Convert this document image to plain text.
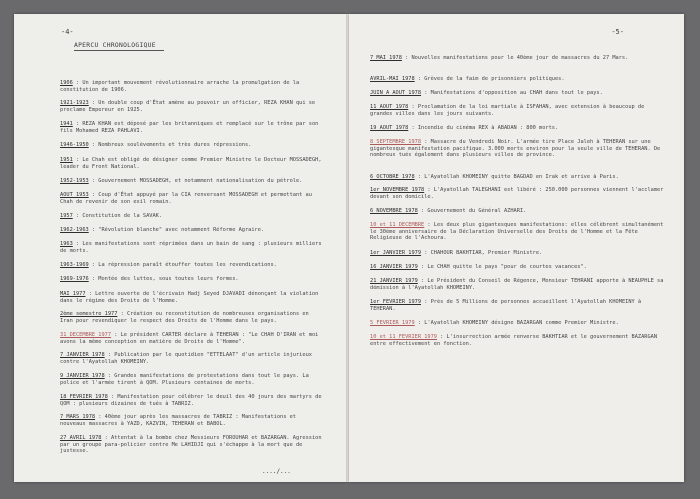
-4-
APERCU CHRONOLOGIQUE
1906 : Un important mouvement révolutionnaire arrache la promulgation de la constitution de 1906.
1921-1923 : Un double coup d'État amène au pouvoir un officier, REZA KHAN qui se proclame Empereur en 1925.
1941 : REZA KHAN est déposé par les britanniques et remplacé sur le trône par son fils Mohamed REZA PAHLAVI.
1946-1950 : Nombreux soulèvements et très dures répressions.
1951 : Le Chah est obligé de désigner comme Premier Ministre le Docteur MOSSADEGH, leader du Front National.
1952-1953 : Gouvernement MOSSADEGH, et notamment nationalisation du pétrole.
AOUT 1953 : Coup d'État appuyé par la CIA renversant MOSSADEGH et permettant au Chah de revenir de son exil romain.
1957 : Constitution de la SAVAK.
1962-1963 : "Révolution blanche" avec notamment Réforme Agraire.
1963 : Les manifestations sont réprimées dans un bain de sang : plusieurs milliers de morts.
1963-1969 : La répression paraît étouffer toutes les revendications.
1969-1976 : Montée des luttes, sous toutes leurs formes.
MAI 1977 : Lettre ouverte de l'écrivain Hadj Seyed DJAVADI dénonçant la violation dans le régime des Droits de l'Homme.
2ème semestre 1977 : Création ou reconstitution de nombreuses organisations en Iran pour revendiquer le respect des Droits de l'Homme dans le pays.
31 DECEMBRE 1977 : Le président CARTER déclare à TEHERAN : "Le CHAH D'IRAN et moi avons la même conception en matière de Droits de l'Homme".
7 JANVIER 1978 : Publication par le quotidien "ETTELAAT" d'un article injurieux contre l'Ayatollah KHOMEINY.
9 JANVIER 1978 : Grandes manifestations de protestations dans tout le pays. La police et l'armée tirent à QOM. Plusieurs centaines de morts.
18 FEVRIER 1978 : Manifestation pour célébrer le deuil des 40 jours des martyrs de QOM : plusieurs dizaines de tués à TABRIZ.
7 MARS 1978 : 40ème jour après les massacres de TABRIZ : Manifestations et nouveaux massacres à YAZD, KAZVIN, TEHERAN et BABOL.
27 AVRIL 1978 : Attentat à la bombe chez Messieurs FOROUHAR et BAZARGAN. Agression par un groupe para-policier contre Me LAHIDJI qui s'échappe à la mort que de justesse.
..../...
-5-
7 MAI 1978 : Nouvelles manifestations pour le 40ème jour de massacres du 27 Mars.
AVRIL-MAI 1978 : Grèves de la faim de prisonniers politiques.
JUIN A AOUT 1978 : Manifestations d'opposition au CHAH dans tout le pays.
11 AOUT 1978 : Proclamation de la loi martiale à ISFAHAN, avec extension à beaucoup de grandes villes dans les jours suivants.
19 AOUT 1978 : Incendie du cinéma REX à ABADAN : 800 morts.
8 SEPTEMBRE 1978 : Massacre du Vendredi Noir. L'armée tire Place Jaleh à TEHERAN sur une gigantesque manifestation pacifique. 3.000 morts environ pour la seule ville de TEHERAN. De nombreux tués également dans plusieurs villes de province.
6 OCTOBRE 1978 : L'Ayatollah KHOMEINY quitte BAGDAD en Irak et arrive à Paris.
1er NOVEMBRE 1978 : L'Ayatollah TALEGHANI est libéré : 250.000 personnes viennent l'acclamer devant son domicile.
6 NOVEMBRE 1978 : Gouvernement du Général AZHARI.
10 et 11 DECEMBRE : Les deux plus gigantesques manifestations: elles célèbrent simultanément le 30ème anniversaire de la Déclaration Universelle des Droits de l'Homme et la Fête Religieuse de l'Achoura.
1er JANVIER 1979 : CHAHOUR BAKHTIAR, Premier Ministre.
16 JANVIER 1979 : Le CHAH quitte le pays "pour de courtes vacances".
21 JANVIER 1979 : Le Président du Conseil de Régence, Monsieur TEHRANI apporte à NEAUPHLE sa démission à l'Ayatollah KHOMEINY.
1er FEVRIER 1979 : Près de 5 Millions de personnes accueillent l'Ayatollah KHOMEINY à TEHERAN.
5 FEVRIER 1979 : L'Ayatollah KHOMEINY désigne BAZARGAN comme Premier Ministre.
10 et 11 FEVRIER 1979 : L'insurrection armée renverse BAKHTIAR et le gouvernement BAZARGAN entre effectivement en fonction.
